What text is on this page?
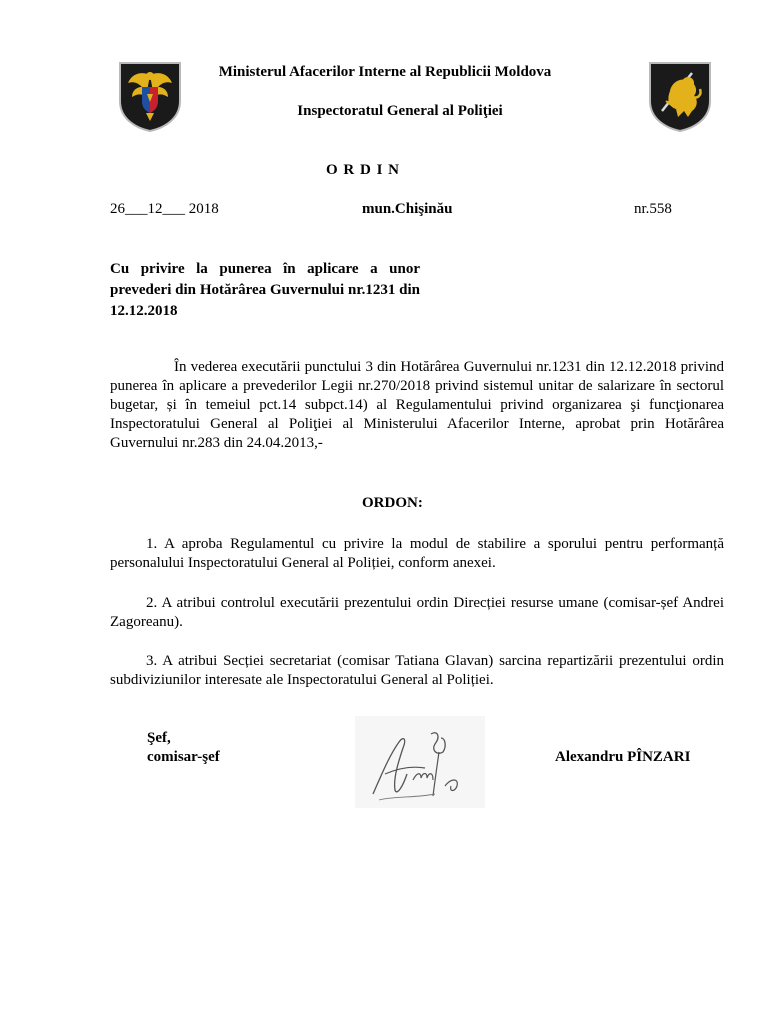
Ministerul Afacerilor Interne al Republicii Moldova
Inspectoratul General al Poliţiei
O R D I N
26___12___ 2018	mun.Chişinău	nr.558
Cu privire la punerea în aplicare a unor prevederi din Hotărârea Guvernului nr.1231 din 12.12.2018
În vederea executării punctului 3 din Hotărârea Guvernului nr.1231 din 12.12.2018 privind punerea în aplicare a prevederilor Legii nr.270/2018 privind sistemul unitar de salarizare în sectorul bugetar, și în temeiul pct.14 subpct.14) al Regulamentului privind organizarea şi funcţionarea Inspectoratului General al Poliţiei al Ministerului Afacerilor Interne, aprobat prin Hotărârea Guvernului nr.283 din 24.04.2013,-
ORDON:
1. A aproba Regulamentul cu privire la modul de stabilire a sporului pentru performanță personalului Inspectoratului General al Poliției, conform anexei.
2. A atribui controlul executării prezentului ordin Direcției resurse umane (comisar-șef Andrei Zagoreanu).
3. A atribui Secției secretariat (comisar Tatiana Glavan) sarcina repartizării prezentului ordin subdiviziunilor interesate ale Inspectoratului General al Poliției.
Şef,
comisar-şef	Alexandru PÎNZARI
